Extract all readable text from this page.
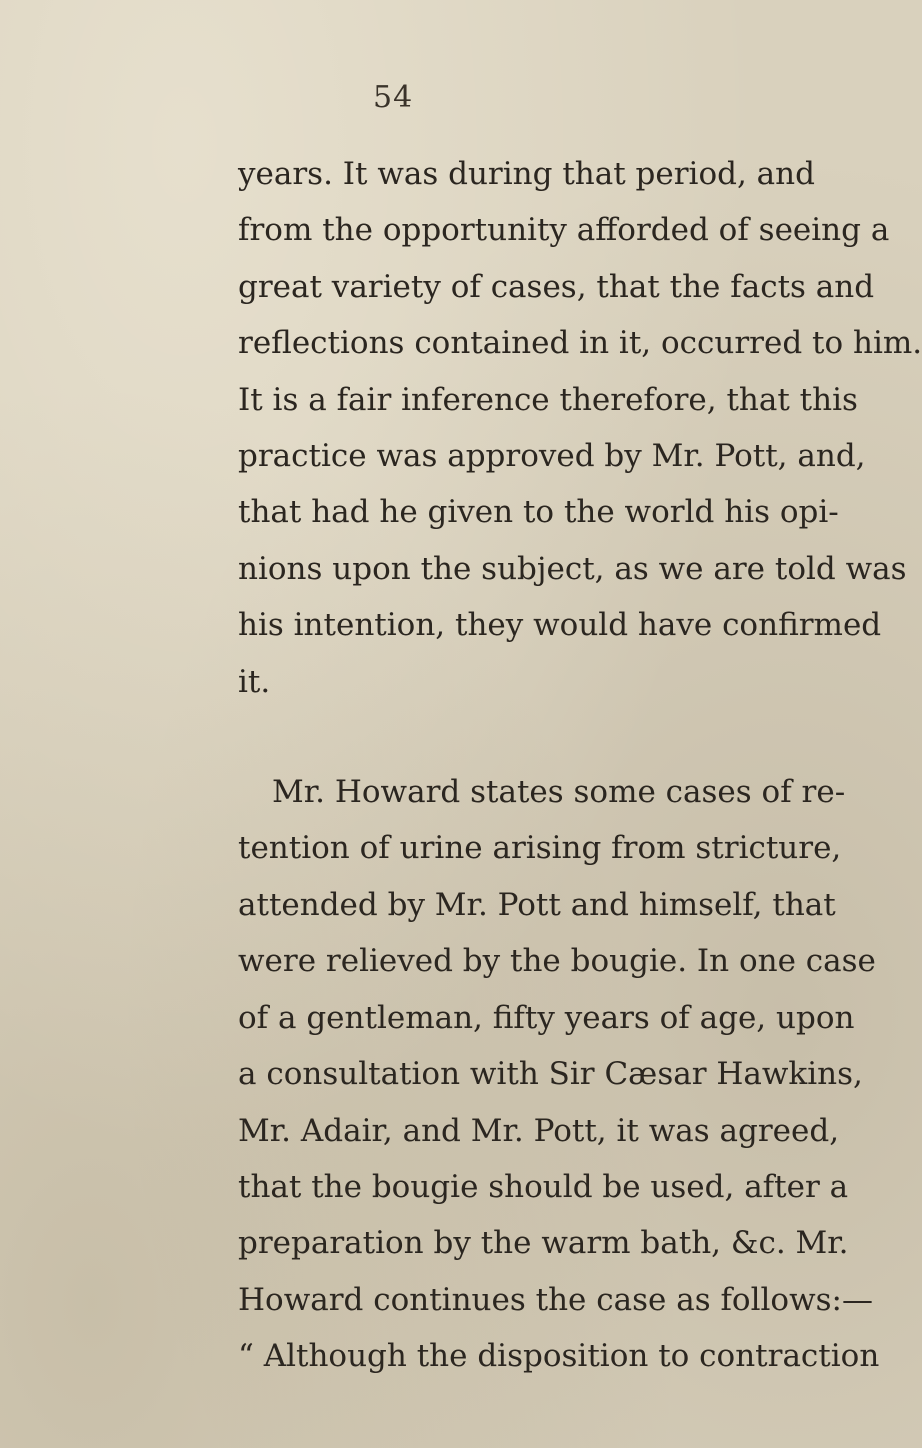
54
years. It was during that period, and
from the opportunity afforded of seeing a
great variety of cases, that the facts and
reflections contained in it, occurred to him.
It is a fair inference therefore, that this
practice was approved by Mr. Pott, and,
that had he given to the world his opi-
nions upon the subject, as we are told was
his intention, they would have confirmed
it.
Mr. Howard states some cases of re-
tention of urine arising from stricture,
attended by Mr. Pott and himself, that
were relieved by the bougie. In one case
of a gentleman, fifty years of age, upon
a consultation with Sir Cæsar Hawkins,
Mr. Adair, and Mr. Pott, it was agreed,
that the bougie should be used, after a
preparation by the warm bath, &c. Mr.
Howard continues the case as follows:—
“ Although the disposition to contraction
